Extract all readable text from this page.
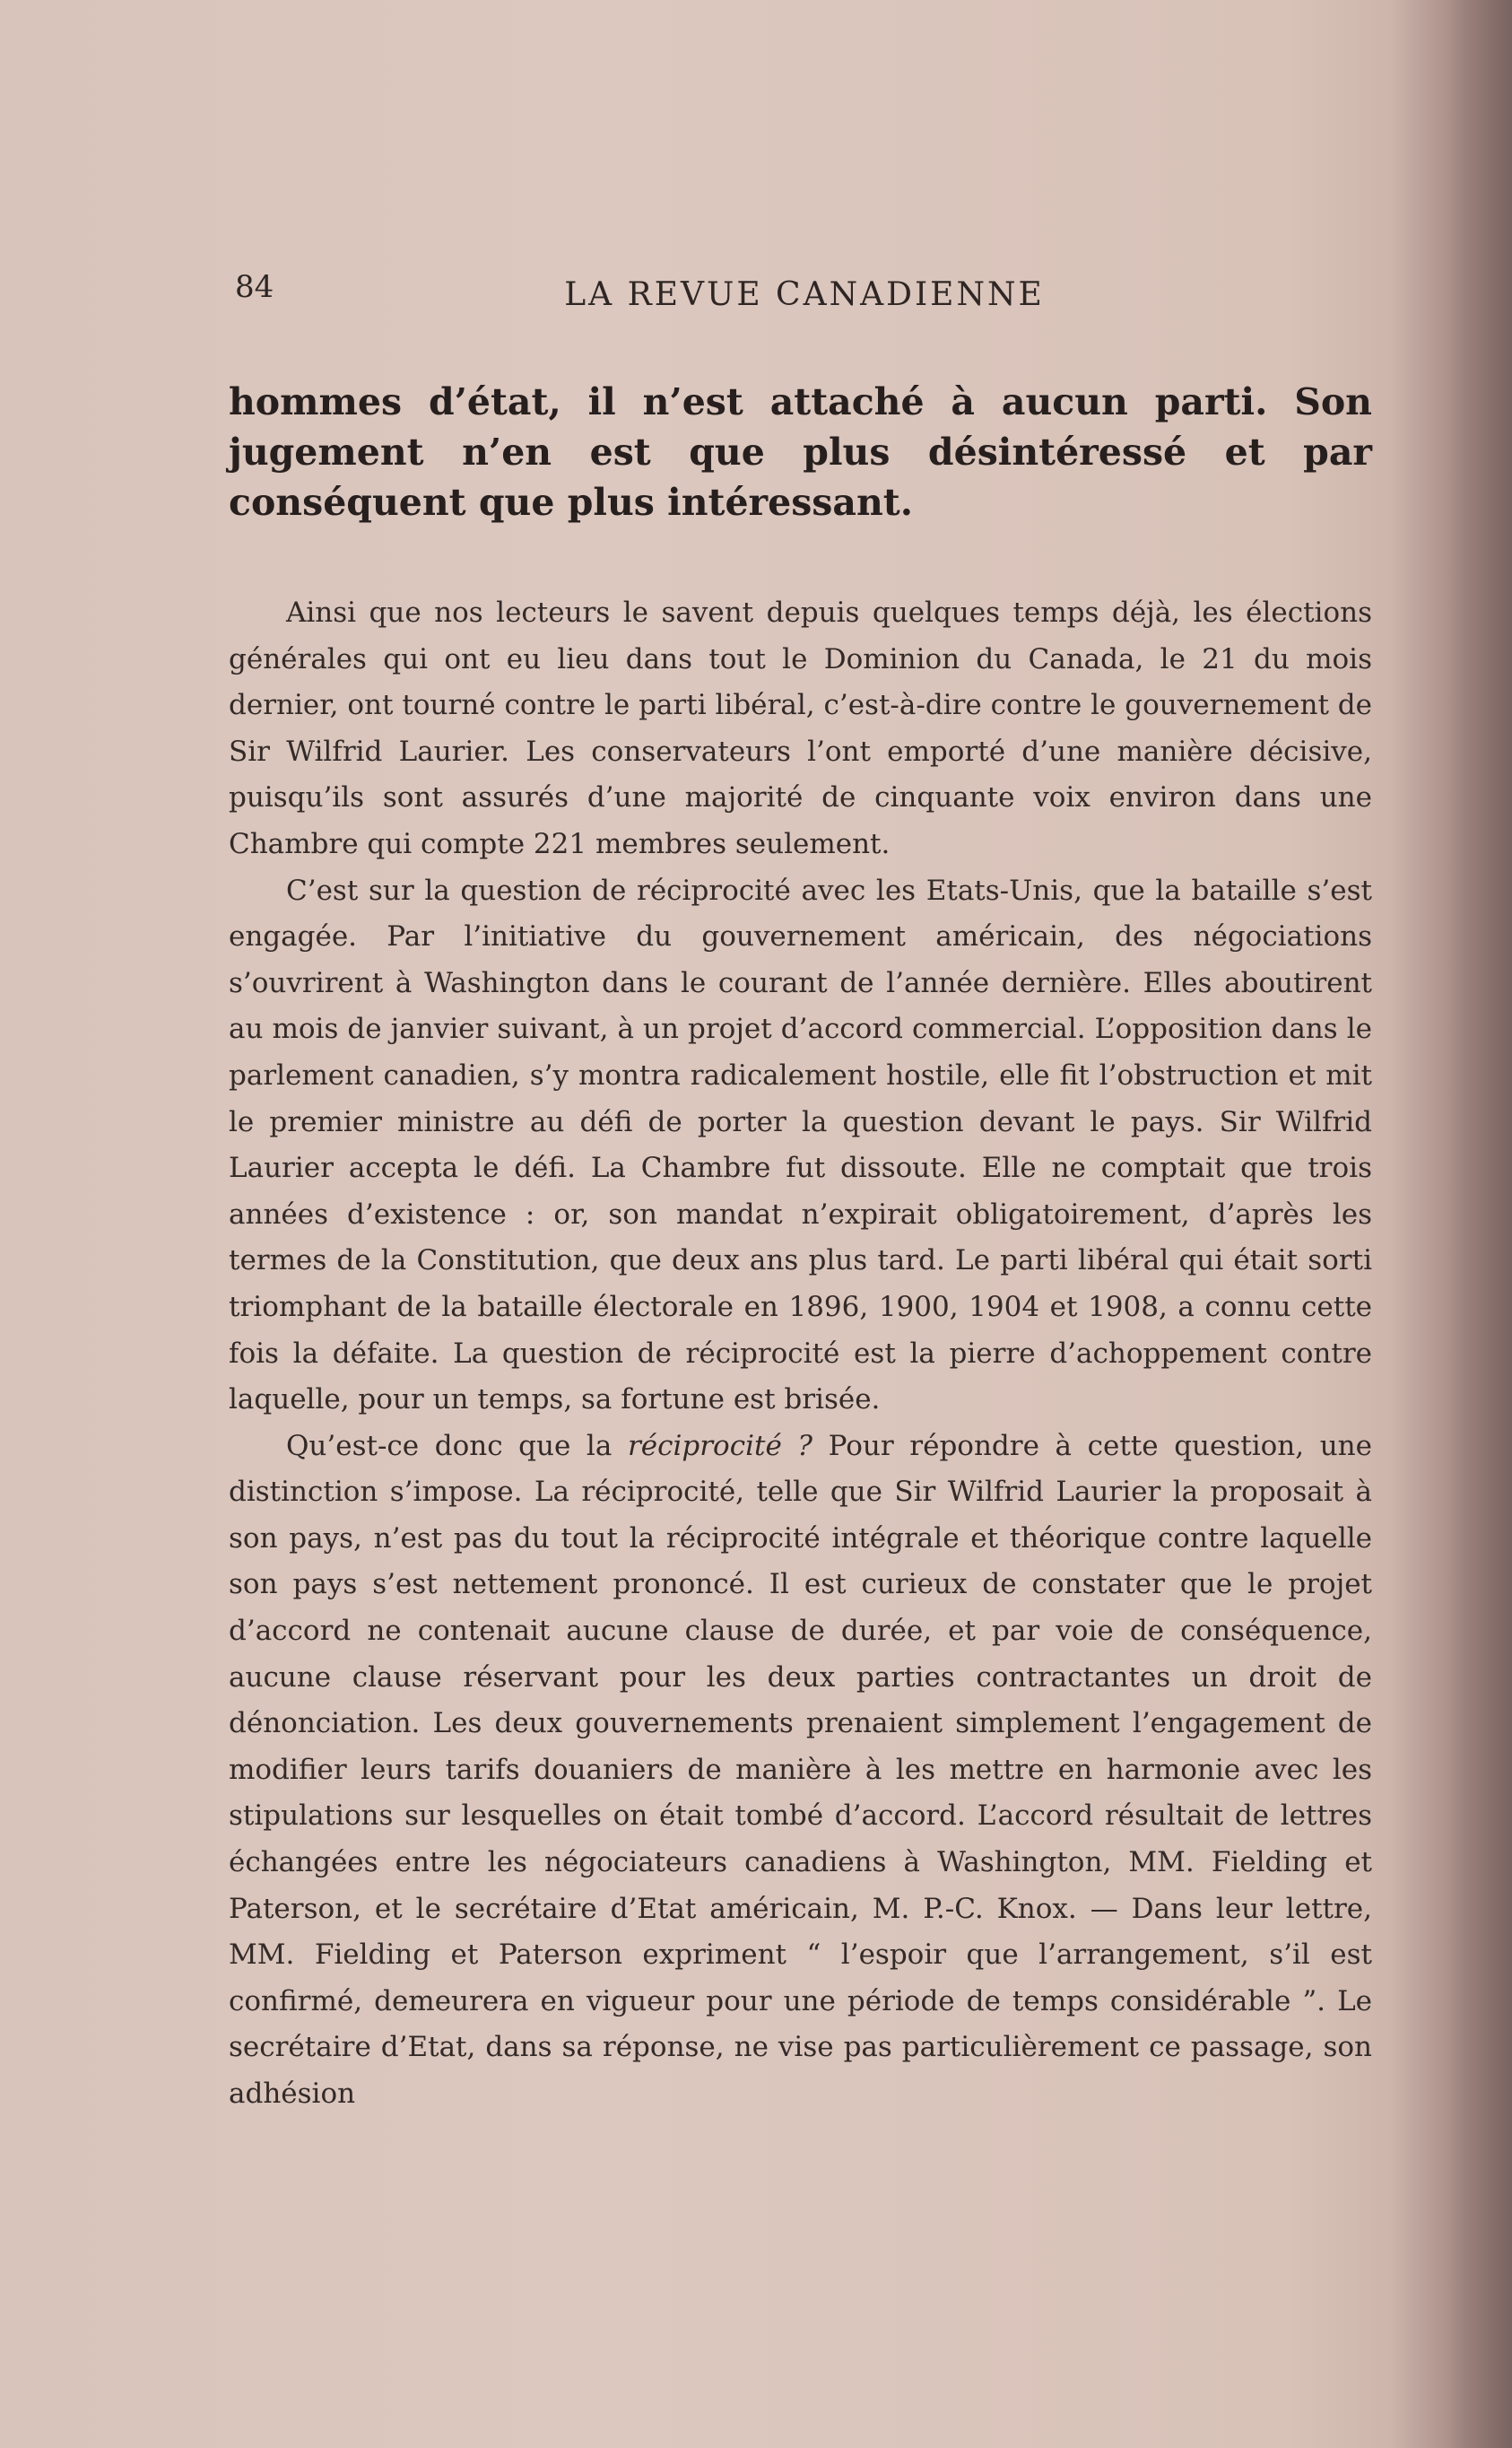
84	LA REVUE CANADIENNE

hommes d’état, il n’est attaché à aucun parti. Son jugement n’en est que plus désintéressé et par conséquent que plus intéressant.

Ainsi que nos lecteurs le savent depuis quelques temps déjà, les élections générales qui ont eu lieu dans tout le Dominion du Canada, le 21 du mois dernier, ont tourné contre le parti libéral, c’est-à-dire contre le gouvernement de Sir Wilfrid Laurier. Les conservateurs l’ont emporté d’une manière décisive, puisqu’ils sont assurés d’une majorité de cinquante voix environ dans une Chambre qui compte 221 membres seulement.

C’est sur la question de réciprocité avec les Etats-Unis, que la bataille s’est engagée. Par l’initiative du gouvernement américain, des négociations s’ouvrirent à Washington dans le courant de l’année dernière. Elles aboutirent au mois de janvier suivant, à un projet d’accord commercial. L’opposition dans le parlement canadien, s’y montra radicalement hostile, elle fit l’obstruction et mit le premier ministre au défi de porter la question devant le pays. Sir Wilfrid Laurier accepta le défi. La Chambre fut dissoute. Elle ne comptait que trois années d’existence : or, son mandat n’expirait obligatoirement, d’après les termes de la Constitution, que deux ans plus tard. Le parti libéral qui était sorti triomphant de la bataille électorale en 1896, 1900, 1904 et 1908, a connu cette fois la défaite. La question de réciprocité est la pierre d’achoppement contre laquelle, pour un temps, sa fortune est brisée.

Qu’est-ce donc que la réciprocité ? Pour répondre à cette question, une distinction s’impose. La réciprocité, telle que Sir Wilfrid Laurier la proposait à son pays, n’est pas du tout la réciprocité intégrale et théorique contre laquelle son pays s’est nettement prononcé. Il est curieux de constater que le projet d’accord ne contenait aucune clause de durée, et par voie de conséquence, aucune clause réservant pour les deux parties contractantes un droit de dénonciation. Les deux gouvernements prenaient simplement l’engagement de modifier leurs tarifs douaniers de manière à les mettre en harmonie avec les stipulations sur lesquelles on était tombé d’accord. L’accord résultait de lettres échangées entre les négociateurs canadiens à Washington, MM. Fielding et Paterson, et le secrétaire d’Etat américain, M. P.-C. Knox. — Dans leur lettre, MM. Fielding et Paterson expriment “ l’espoir que l’arrangement, s’il est confirmé, demeurera en vigueur pour une période de temps considérable ”. Le secrétaire d’Etat, dans sa réponse, ne vise pas particulièrement ce passage, son adhésion
